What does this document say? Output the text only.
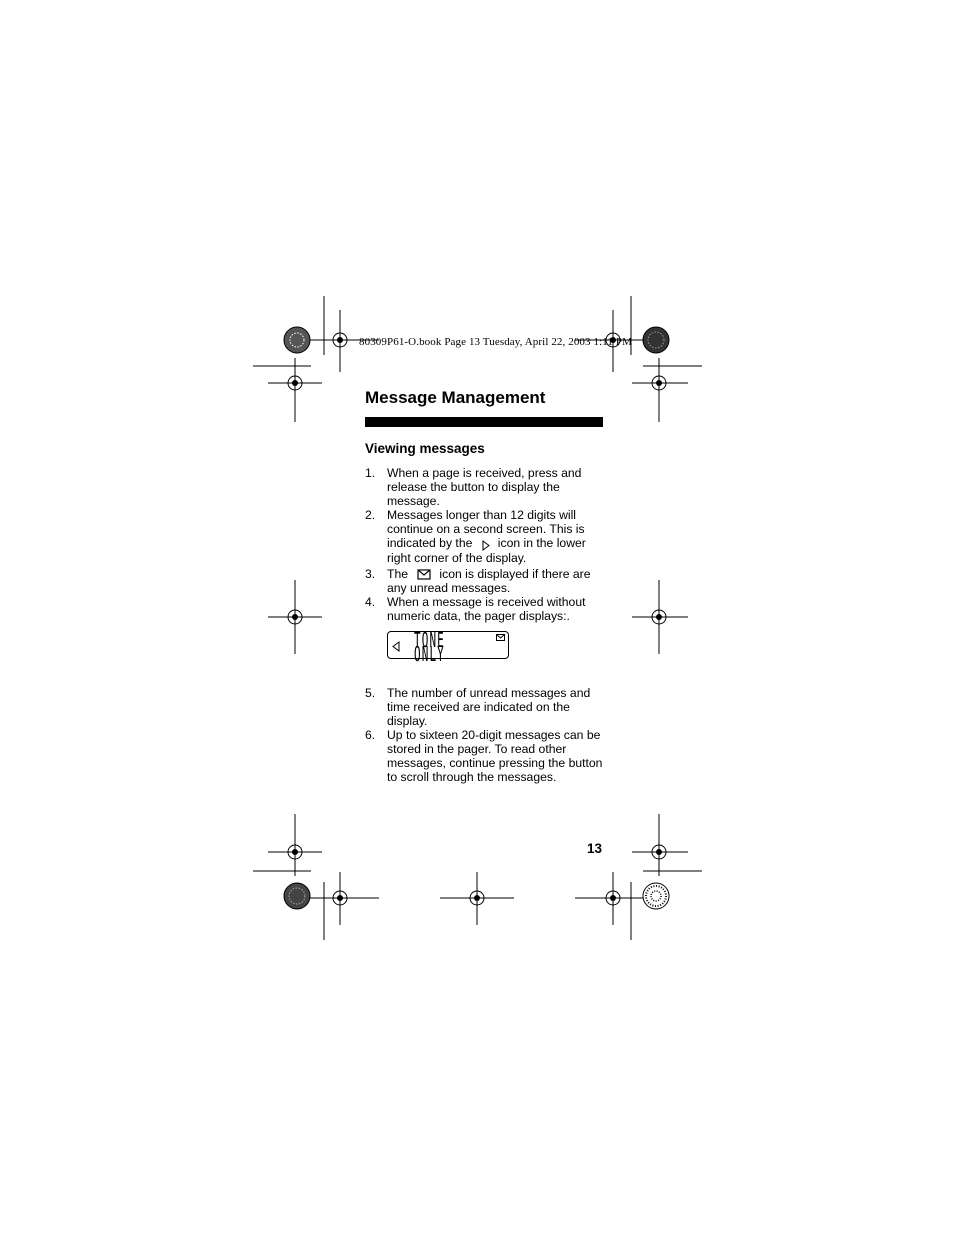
80309P61-O.book Page 13 Tuesday, April 22, 2003 1:11 PM
Message Management
Viewing messages
1. When a page is received, press and release the button to display the message.
2. Messages longer than 12 digits will continue on a second screen. This is indicated by the icon in the lower right corner of the display.
3. The	icon is displayed if there are any unread messages.
4. When a message is received without numeric data, the pager displays:.
TONE ONLY
5. The number of unread messages and time received are indicated on the display.
6. Up to sixteen 20-digit messages can be stored in the pager. To read other messages, continue pressing the button to scroll through the messages.
13
